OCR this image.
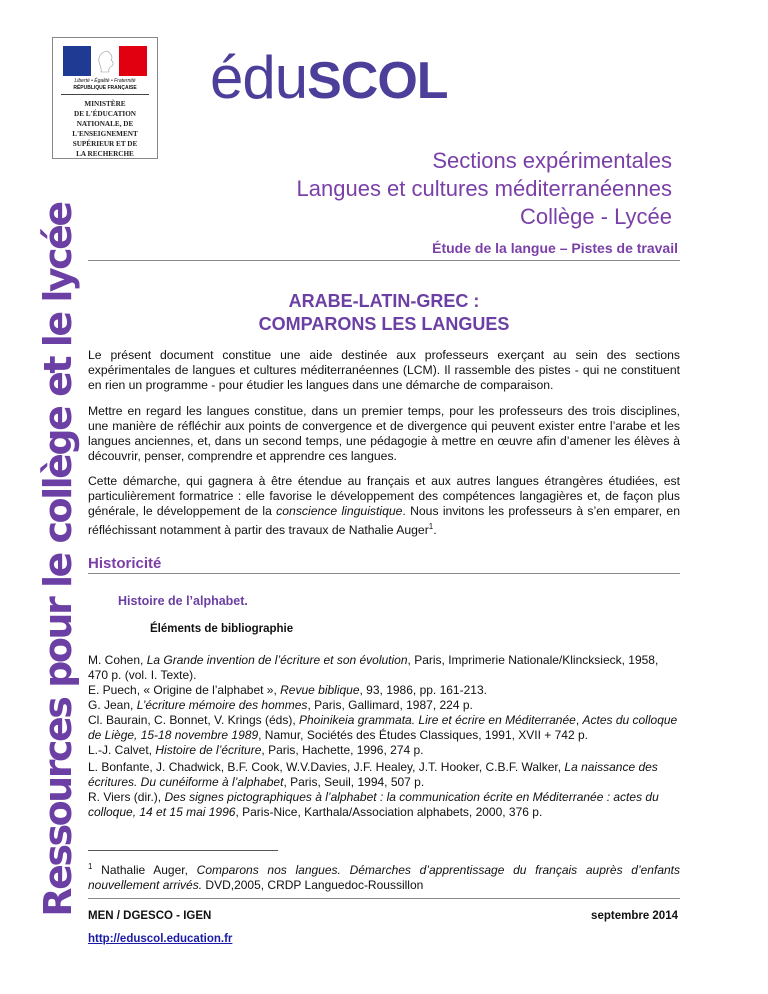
Liberté • Égalité • Fraternité
RÉPUBLIQUE FRANÇAISE
MINISTÈRE
DE L'ÉDUCATION
NATIONALE, DE
L'ENSEIGNEMENT
SUPÉRIEUR ET DE
LA RECHERCHE
éduSCOL
Sections expérimentales
Langues et cultures méditerranéennes
Collège - Lycée
Étude de la langue – Pistes de travail
Ressources pour le collège et le lycée	ARABE-LATIN-GREC :
COMPARONS LES LANGUES
Le présent document constitue une aide destinée aux professeurs exerçant au sein des sections expérimentales de langues et cultures méditerranéennes (LCM). Il rassemble des pistes - qui ne constituent en rien un programme - pour étudier les langues dans une démarche de comparaison.
Mettre en regard les langues constitue, dans un premier temps, pour les professeurs des trois disciplines, une manière de réfléchir aux points de convergence et de divergence qui peuvent exister entre l’arabe et les langues anciennes, et, dans un second temps, une pédagogie à mettre en œuvre afin d’amener les élèves à découvrir, penser, comprendre et apprendre ces langues.
Cette démarche, qui gagnera à être étendue au français et aux autres langues étrangères étudiées, est particulièrement formatrice : elle favorise le développement des compétences langagières et, de façon plus générale, le développement de la conscience linguistique. Nous invitons les professeurs à s’en emparer, en réfléchissant notamment à partir des travaux de Nathalie Auger$^1$.
Historicité
Histoire de l’alphabet.
Éléments de bibliographie
M. Cohen, La Grande invention de l’écriture et son évolution, Paris, Imprimerie Nationale/Klincksieck, 1958, 470 p. (vol. I. Texte).
E. Puech, « Origine de l’alphabet », Revue biblique, 93, 1986, pp. 161-213.
G. Jean, L’écriture mémoire des hommes, Paris, Gallimard, 1987, 224 p.
Cl. Baurain, C. Bonnet, V. Krings (éds), Phoinikeia grammata. Lire et écrire en Méditerranée, Actes du colloque de Liège, 15-18 novembre 1989, Namur, Sociétés des Études Classiques, 1991, XVII + 742 p.
L.-J. Calvet, Histoire de l’écriture, Paris, Hachette, 1996, 274 p.
L. Bonfante, J. Chadwick, B.F. Cook, W.V.Davies, J.F. Healey, J.T. Hooker, C.B.F. Walker, La naissance des écritures. Du cunéiforme à l’alphabet, Paris, Seuil, 1994, 507 p.
R. Viers (dir.), Des signes pictographiques à l’alphabet : la communication écrite en Méditerranée : actes du colloque, 14 et 15 mai 1996, Paris-Nice, Karthala/Association alphabets, 2000, 376 p.
$^1$ Nathalie Auger, Comparons nos langues. Démarches d’apprentissage du français auprès d’enfants nouvellement arrivés. DVD,2005, CRDP Languedoc-Roussillon
MEN / DGESCO - IGEN	septembre 2014
http://eduscol.education.fr
